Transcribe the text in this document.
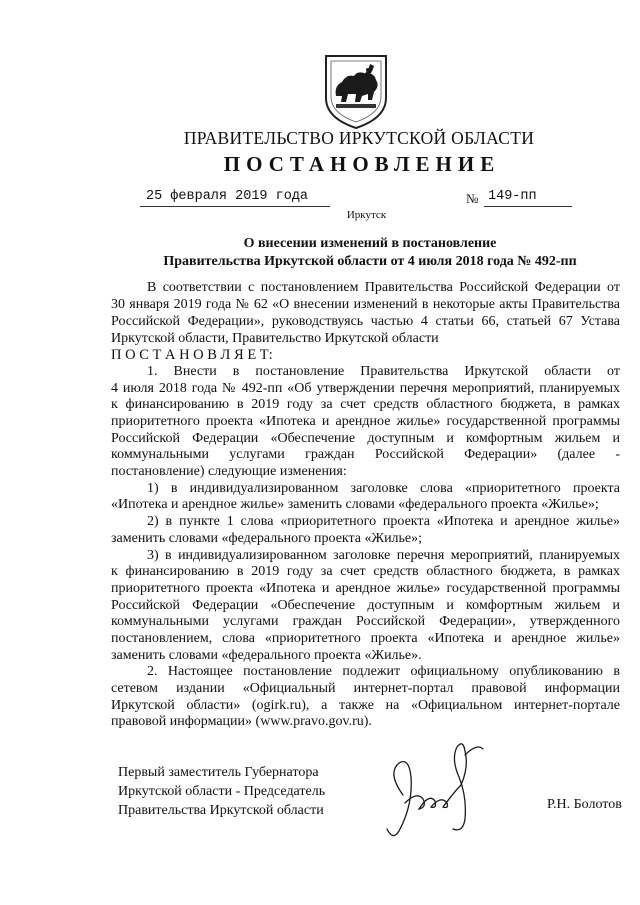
ПРАВИТЕЛЬСТВО ИРКУТСКОЙ ОБЛАСТИ
ПОСТАНОВЛЕНИЕ
25 февраля 2019 года	№ 149-пп
Иркутск
О внесении изменений в постановление
Правительства Иркутской области от 4 июля 2018 года № 492-пп
В соответствии с постановлением Правительства Российской Федерации от
30 января 2019 года № 62 «О внесении изменений в некоторые акты Правительства
Российской Федерации», руководствуясь частью 4 статьи 66, статьей 67 Устава
Иркутской области, Правительство Иркутской области
П О С Т А Н О В Л Я Е Т:
1. Внести в постановление Правительства Иркутской области от
4 июля 2018 года № 492-пп «Об утверждении перечня мероприятий, планируемых
к финансированию в 2019 году за счет средств областного бюджета, в рамках
приоритетного проекта «Ипотека и арендное жилье» государственной программы
Российской Федерации «Обеспечение доступным и комфортным жильем и
коммунальными услугами граждан Российской Федерации» (далее -
постановление) следующие изменения:
1) в индивидуализированном заголовке слова «приоритетного проекта
«Ипотека и арендное жилье» заменить словами «федерального проекта «Жилье»;
2) в пункте 1 слова «приоритетного проекта «Ипотека и арендное жилье»
заменить словами «федерального проекта «Жилье»;
3) в индивидуализированном заголовке перечня мероприятий, планируемых
к финансированию в 2019 году за счет средств областного бюджета, в рамках
приоритетного проекта «Ипотека и арендное жилье» государственной программы
Российской Федерации «Обеспечение доступным и комфортным жильем и
коммунальными услугами граждан Российской Федерации», утвержденного
постановлением, слова «приоритетного проекта «Ипотека и арендное жилье»
заменить словами «федерального проекта «Жилье».
2. Настоящее постановление подлежит официальному опубликованию в
сетевом издании «Официальный интернет-портал правовой информации
Иркутской области» (ogirk.ru), а также на «Официальном интернет-портале
правовой информации» (www.pravo.gov.ru).
Первый заместитель Губернатора
Иркутской области - Председатель
Правительства Иркутской области	Р.Н. Болотов
